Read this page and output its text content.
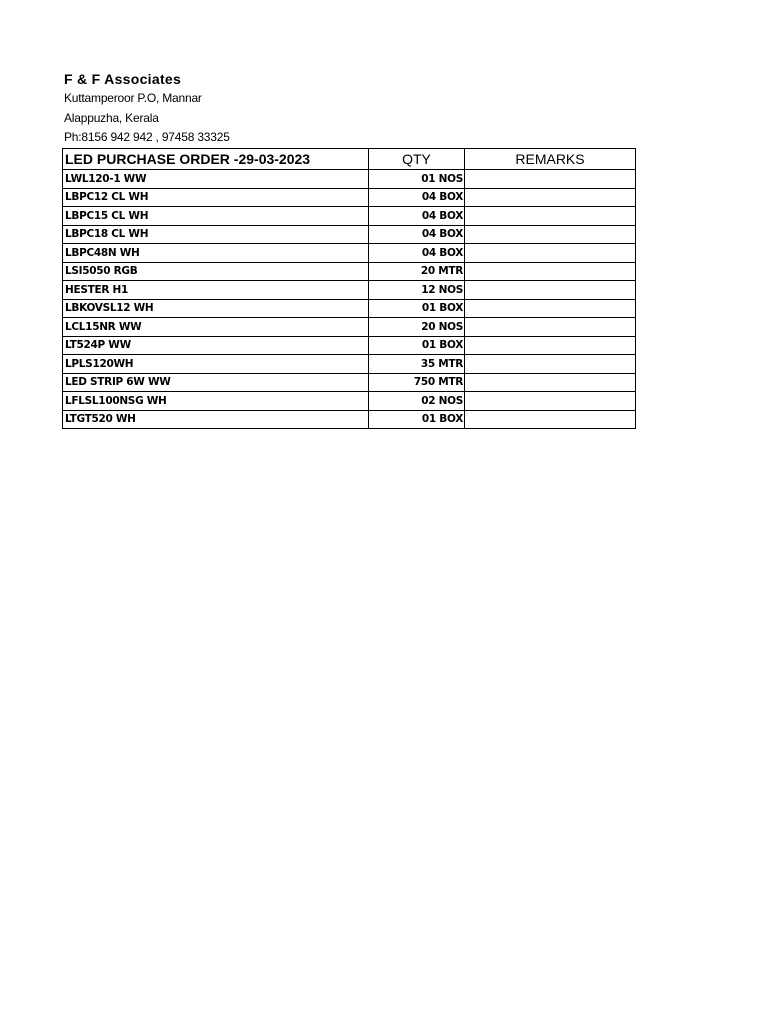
F & F Associates

Kuttamperoor P.O, Mannar

Alappuzha, Kerala

Ph:8156 942 942 , 97458 33325

LED PURCHASE ORDER -29-03-2023	QTY	REMARKS
LWL120-1 WW	01 NOS	
LBPC12 CL WH	04 BOX	
LBPC15 CL WH	04 BOX	
LBPC18 CL WH	04 BOX	
LBPC48N WH	04 BOX	
LSI5050 RGB	20 MTR	
HESTER H1	12 NOS	
LBKOVSL12 WH	01 BOX	
LCL15NR WW	20 NOS	
LT524P WW	01 BOX	
LPLS120WH	35 MTR	
LED STRIP 6W WW	750 MTR	
LFLSL100NSG WH	02 NOS	
LTGT520 WH	01 BOX	
